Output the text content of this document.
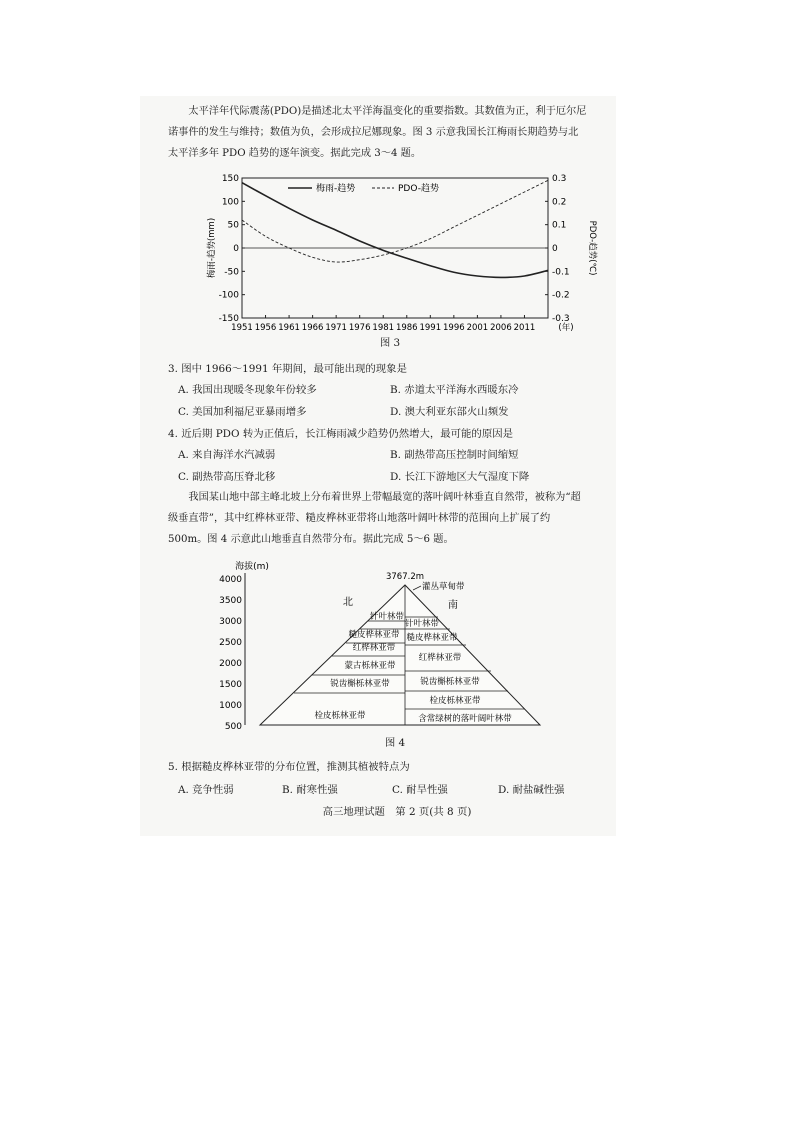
太平洋年代际震荡(PDO)是描述北太平洋海温变化的重要指数。其数值为正，利于厄尔尼诺事件的发生与维持；数值为负，会形成拉尼娜现象。图 3 示意我国长江梅雨长期趋势与北太平洋多年 PDO 趋势的逐年演变。据此完成 3～4 题。
150
100
50
0
-50
-100
-150
0.3
0.2
0.1
0
-0.1
-0.2
-0.3
1951 1956 1961 1966 1971 1976 1981 1986 1991 1996 2001 2006 2011	(年)
梅雨-趋势(mm)	PDO-趋势(℃)
梅雨-趋势	PDO-趋势
图 3
3. 图中 1966～1991 年期间，最可能出现的现象是
A. 我国出现暖冬现象年份较多	B. 赤道太平洋海水西暖东冷
C. 美国加利福尼亚暴雨增多	D. 澳大利亚东部火山频发
4. 近后期 PDO 转为正值后，长江梅雨减少趋势仍然增大，最可能的原因是
A. 来自海洋水汽减弱	B. 副热带高压控制时间缩短
C. 副热带高压脊北移	D. 长江下游地区大气湿度下降
我国某山地中部主峰北坡上分布着世界上带幅最宽的落叶阔叶林垂直自然带，被称为“超级垂直带”，其中红桦林亚带、糙皮桦林亚带将山地落叶阔叶林带的范围向上扩展了约 500m。图 4 示意此山地垂直自然带分布。据此完成 5～6 题。
海拔(m)
4000
3500
3000
2500
2000
1500
1000
500
3767.2m
北	南
灌丛草甸带
针叶林带
糙皮桦林亚带
红桦林亚带
蒙古栎林亚带
锐齿槲栎林亚带
栓皮栎林亚带
针叶林带
糙皮桦林亚带
红桦林亚带
锐齿槲栎林亚带
栓皮栎林亚带
含常绿树的落叶阔叶林带
图 4
5. 根据糙皮桦林亚带的分布位置，推测其植被特点为
A. 竞争性弱	B. 耐寒性强	C. 耐旱性强	D. 耐盐碱性强
高三地理试题　第 2 页(共 8 页)
